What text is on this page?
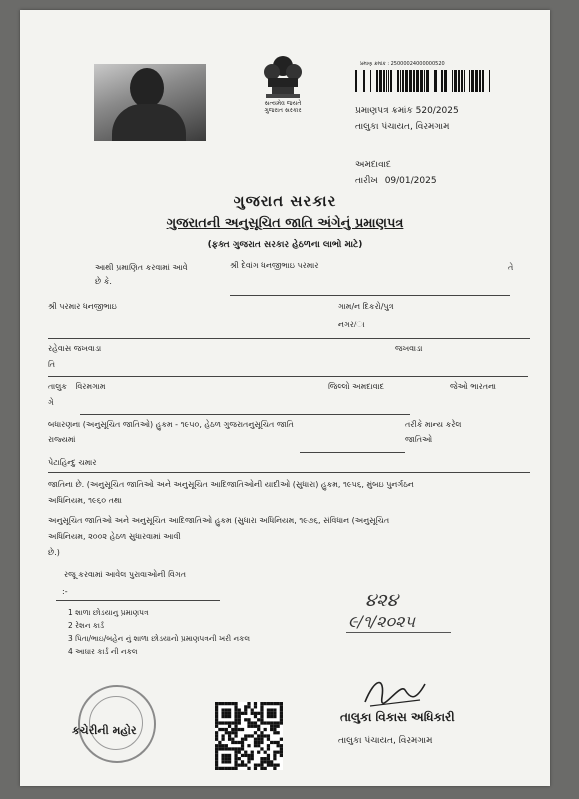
સત્યમેવ જયતે
ગુજરાત સરકાર
પ્રમાણ ક્રમાંક : 25000024000000520
પ્રમાણપત્ર ક્રમાંક 520/2025
તાલુકા પંચાયત, વિરમગામ
અમદાવાદ
તારીખ 09/01/2025
ગુજરાત સરકાર
ગુજરાતની અનુસૂચિત જાતિ અંગેનું પ્રમાણપત્ર
(ફક્ત ગુજરાત સરકાર હેઠળના લાભો માટે)
આથી પ્રમાણિત કરવામાં આવે	શ્રી દેવાંગ ધનજીભાઇ પરમાર	તે
છે કે.
શ્રી પરમાર ધનજીભાઇ	ગામ/ન દિકરો/પુત્ર
નગર/ા
રહેવાસ જખવાડા	જખવાડા
તિ
તાલુક વિરમગામ	જિલ્લો અમદાવાદ	જેઓ ભારતના
ગે
બધારણના (અનુસૂચિત જાતિઓ) હુકમ - ૧૯૫૦, હેઠળ ગુજરાતનુસૂચિત જાતિ	તરીકે માન્ય કરેલ
રાજ્યમાં	જાતિઓ
પેટાહિન્દુ ચમાર
જાતિના છે. (અનુસૂચિત જાતિઓ અને અનુસૂચિત આદિજાતિઓની યાદીઓ (સુધારા) હુકમ, ૧૯૫૬, મુંબઇ પુનર્ગઠન
અધિનિયમ, ૧૯૬૦ તથા
અનુસૂચિત જાતિઓ અને અનુસૂચિત આદિજાતિઓ હુકમ (સુધારા અધિનિયમ, ૧૯૭૬, સંવિધાન (અનુસૂચિત
અધિનિયમ, ૨૦૦૨ હેઠળ સુધારવામાં આવી
છે.)
રજૂ કરવામાં આવેલ પુરાવાઓની વિગત
:-
1 શાળા છોડયાનુ પ્રમાણપત્ર
2 રેશન કાર્ડ
3 પિતા/ભાઇ/બહેન નું શાળા છોડયાનો પ્રમાણપત્રની ખરી નકલ
4 આધાર કાર્ડ ની નકલ
૪૨૪
૯/૧/૨૦૨૫
કચેરીની મહોર
તાલુકા વિકાસ અધિકારી
તાલુકા પંચાયત, વિરમગામ
